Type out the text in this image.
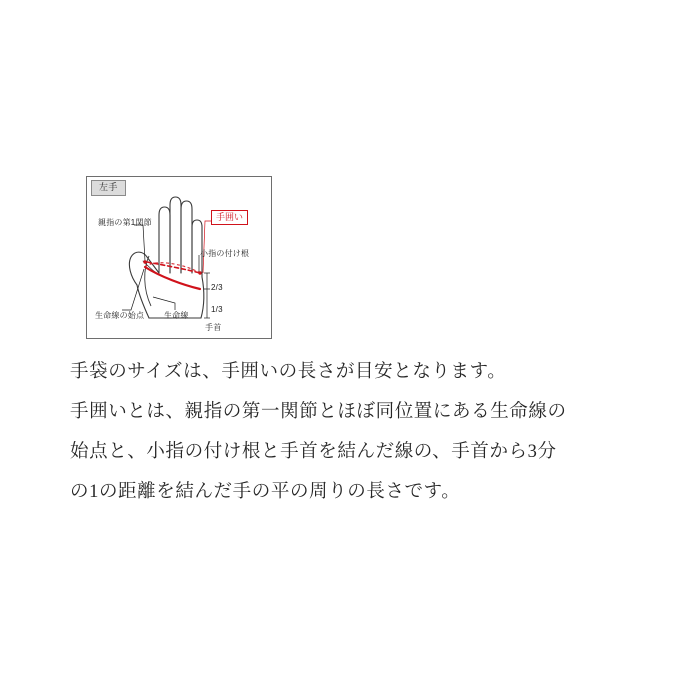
左手
親指の第1関節
小指の付け根
生命線の始点 生命線
手首
2/3
1/3
手囲い

手袋のサイズは、手囲いの長さが目安となります。

手囲いとは、親指の第一関節とほぼ同位置にある生命線の

始点と、小指の付け根と手首を結んだ線の、手首から3分

の1の距離を結んだ手の平の周りの長さです。
